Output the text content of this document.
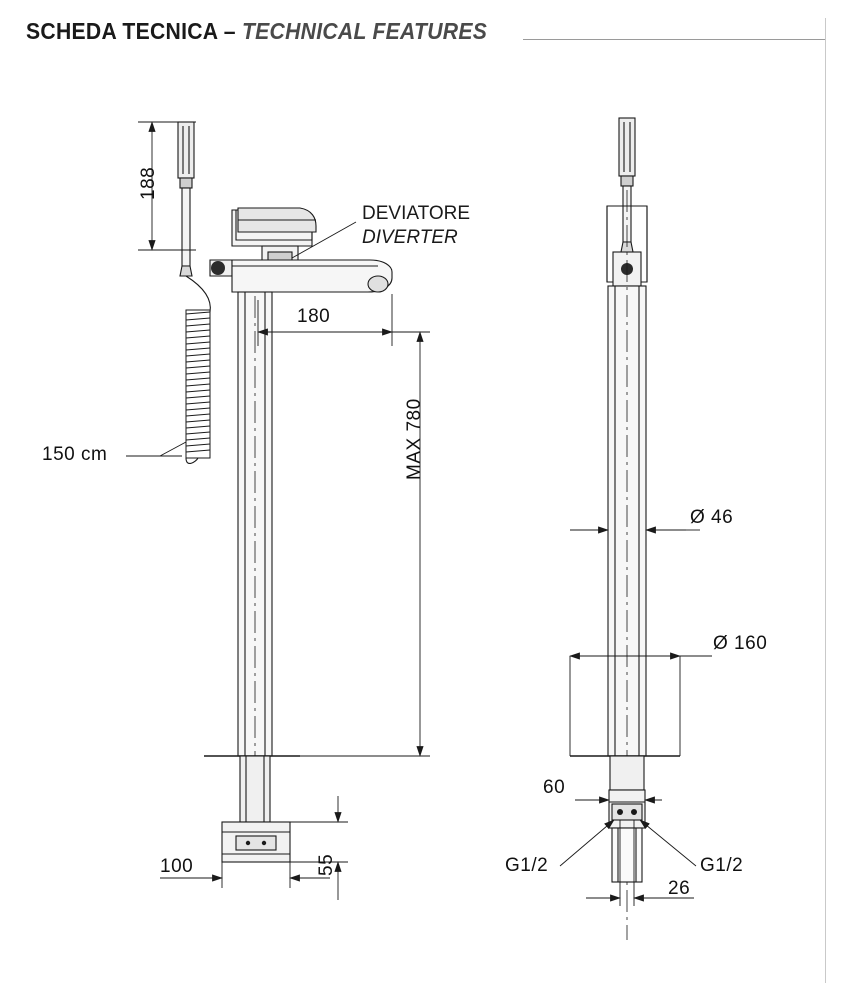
SCHEDA TECNICA – TECHNICAL FEATURES
188
150 cm
180
MAX 780
100	55
DEVIATORE
DIVERTER
Ø 46
Ø 160
60
26
G1/2	G1/2
